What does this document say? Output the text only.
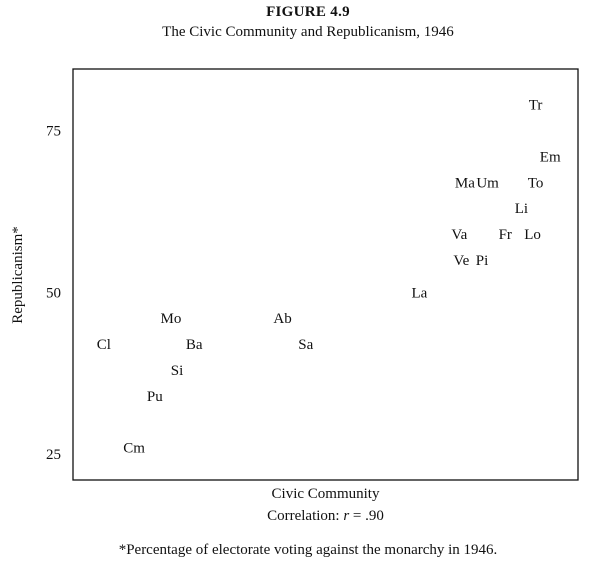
FIGURE 4.9
The Civic Community and Republicanism, 1946
25
50
75
Tr
Em
Ma Um To
Li
Va Fr Lo
Ve Pi
La
Mo	Ab
Cl	Ba	Sa
Si
Pu
Cm
Republicanism*
Civic Community
Correlation: r = .90
*Percentage of electorate voting against the monarchy in 1946.
